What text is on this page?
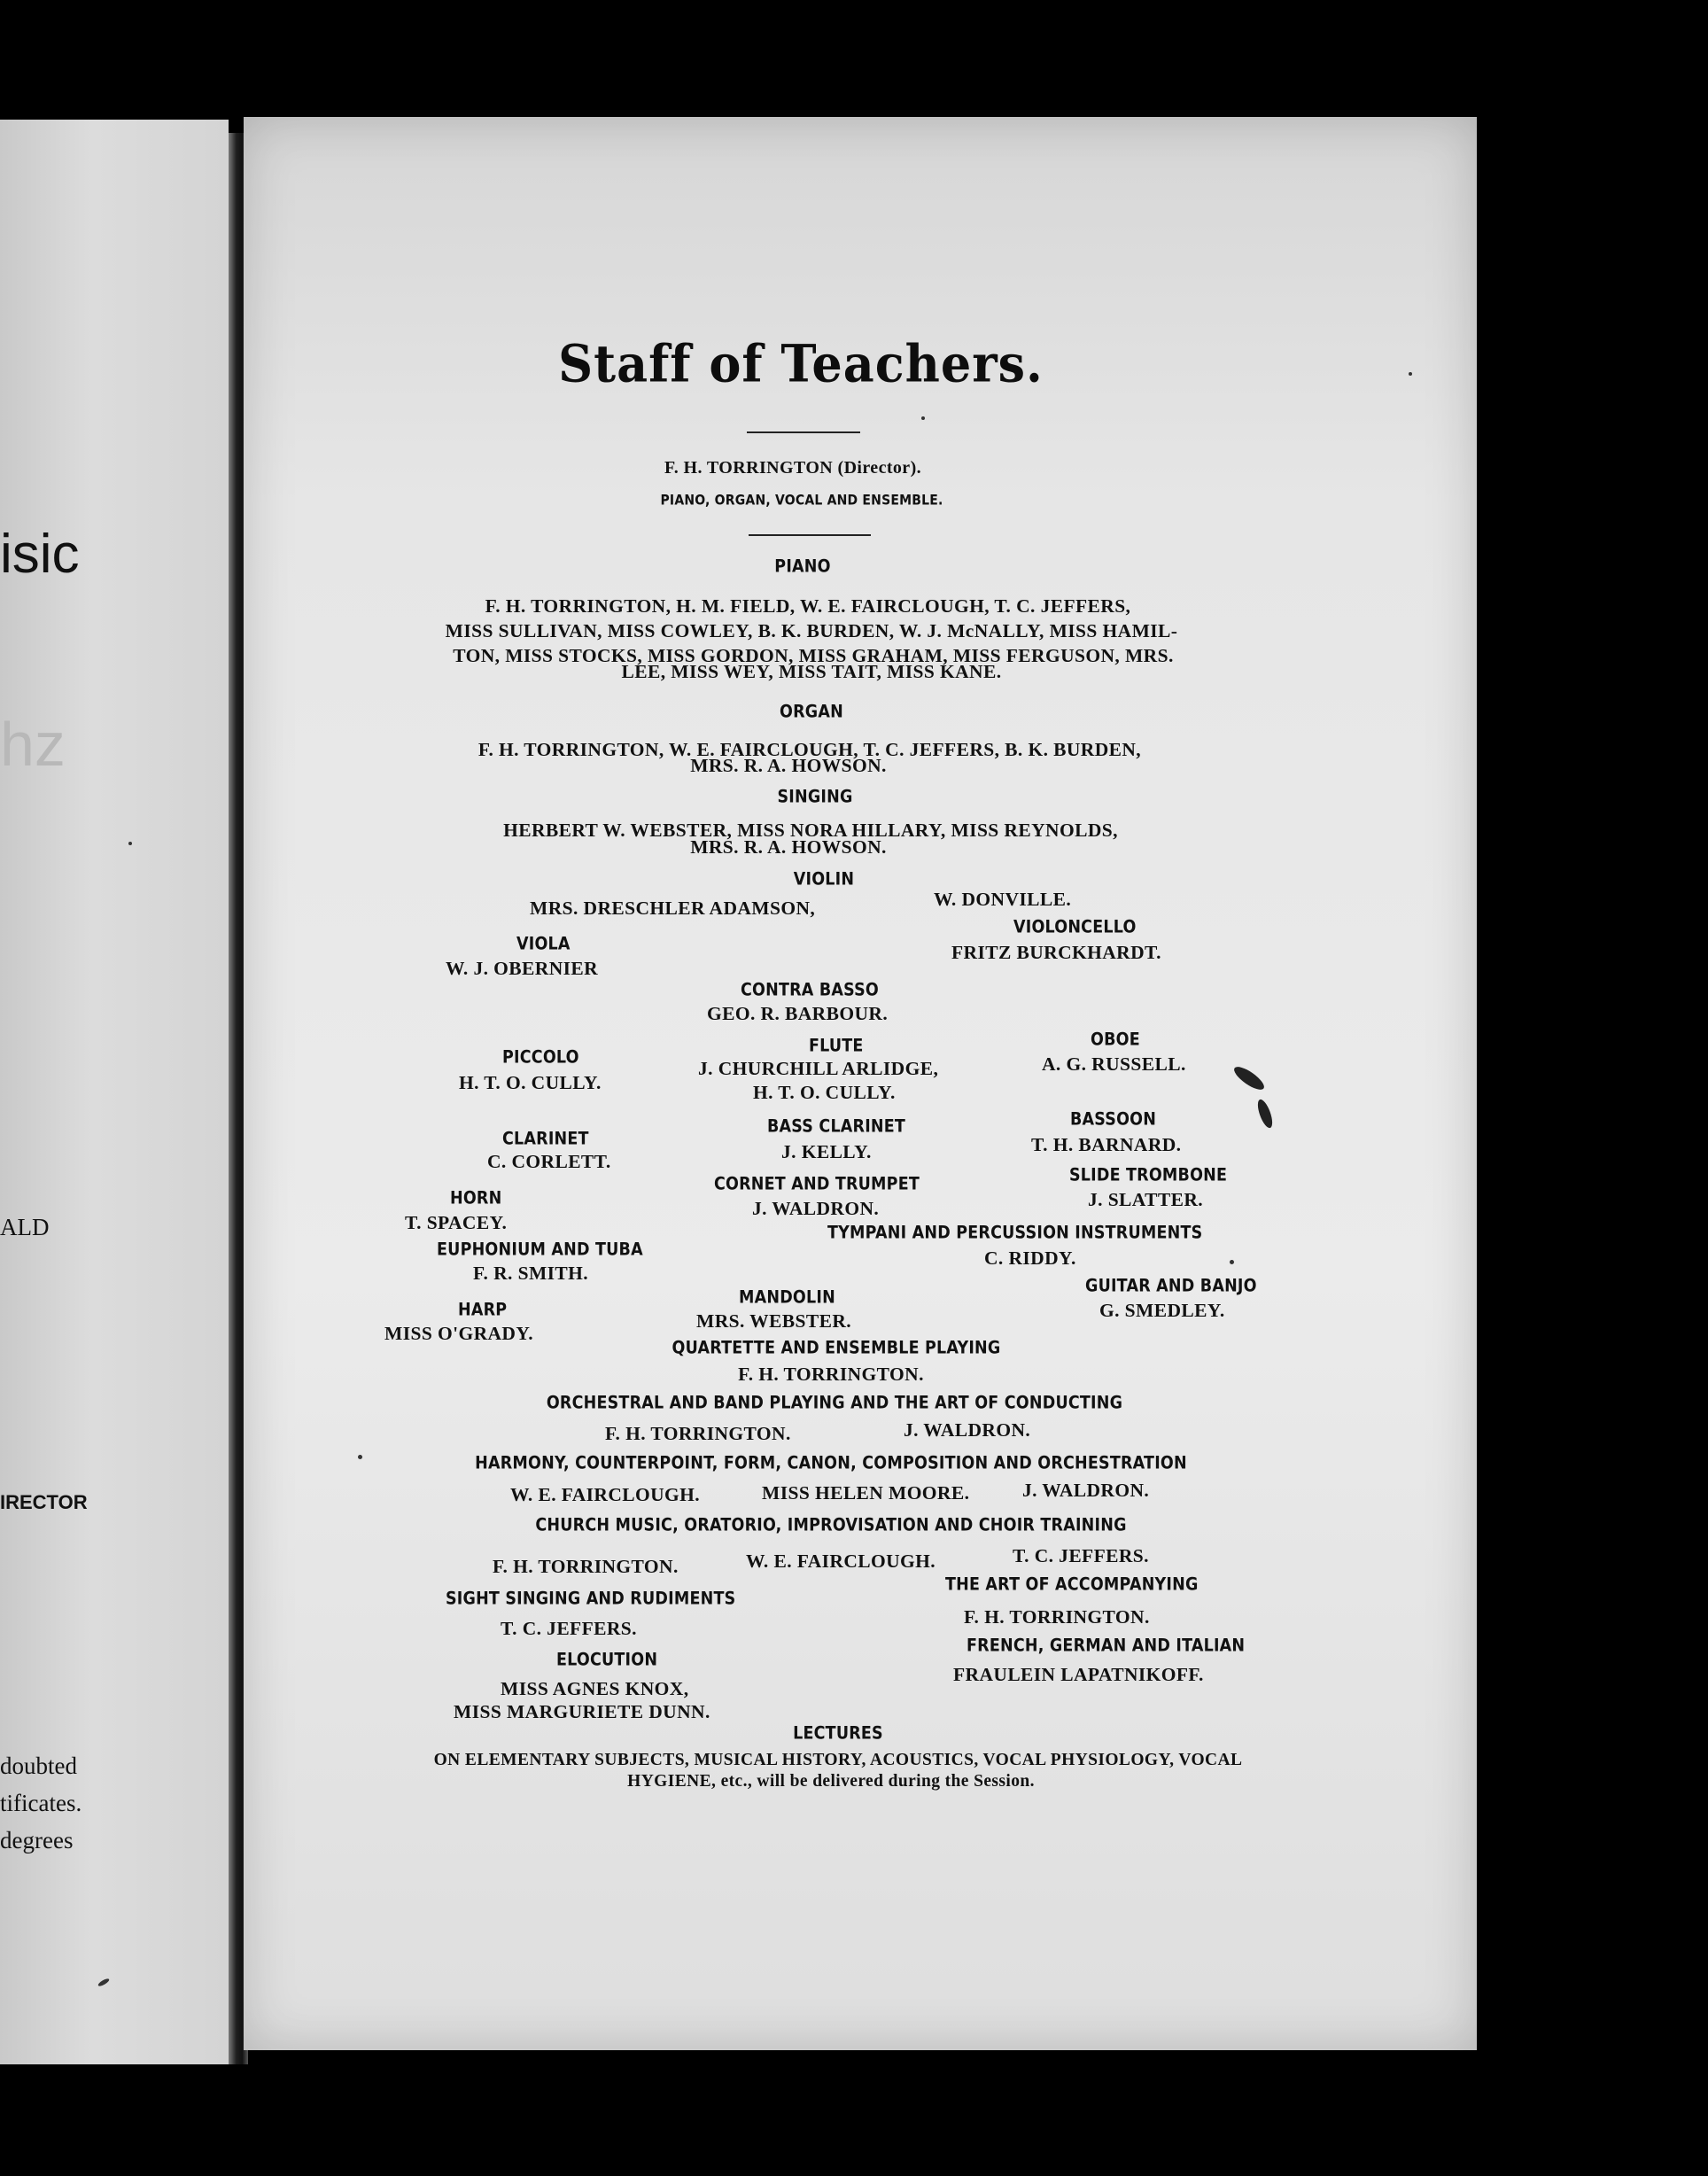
isic
hz
ALD
IRECTOR
doubted
tificates.
degrees
Staff of Teachers.
F. H. TORRINGTON (Director).
PIANO, ORGAN, VOCAL AND ENSEMBLE.
PIANO
F. H. TORRINGTON, H. M. FIELD, W. E. FAIRCLOUGH, T. C. JEFFERS,
MISS SULLIVAN, MISS COWLEY, B. K. BURDEN, W. J. McNALLY, MISS HAMIL-
TON, MISS STOCKS, MISS GORDON, MISS GRAHAM, MISS FERGUSON, MRS.
LEE, MISS WEY, MISS TAIT, MISS KANE.
ORGAN
F. H. TORRINGTON, W. E. FAIRCLOUGH, T. C. JEFFERS, B. K. BURDEN,
MRS. R. A. HOWSON.
SINGING
HERBERT W. WEBSTER, MISS NORA HILLARY, MISS REYNOLDS,
MRS. R. A. HOWSON.
VIOLIN
MRS. DRESCHLER ADAMSON,	W. DONVILLE.
VIOLONCELLO
FRITZ BURCKHARDT.
VIOLA
W. J. OBERNIER
CONTRA BASSO
GEO. R. BARBOUR.
PICCOLO
H. T. O. CULLY.
FLUTE
J. CHURCHILL ARLIDGE,
H. T. O. CULLY.
OBOE
A. G. RUSSELL.
CLARINET
C. CORLETT.
BASS CLARINET
J. KELLY.
BASSOON
T. H. BARNARD.
HORN
T. SPACEY.
CORNET AND TRUMPET
J. WALDRON.
SLIDE TROMBONE
J. SLATTER.
EUPHONIUM AND TUBA
F. R. SMITH.
TYMPANI AND PERCUSSION INSTRUMENTS
C. RIDDY.
HARP
MISS O'GRADY.
MANDOLIN
MRS. WEBSTER.
GUITAR AND BANJO
G. SMEDLEY.
QUARTETTE AND ENSEMBLE PLAYING
F. H. TORRINGTON.
ORCHESTRAL AND BAND PLAYING AND THE ART OF CONDUCTING
F. H. TORRINGTON.	J. WALDRON.
HARMONY, COUNTERPOINT, FORM, CANON, COMPOSITION AND ORCHESTRATION
W. E. FAIRCLOUGH.	MISS HELEN MOORE.	J. WALDRON.
CHURCH MUSIC, ORATORIO, IMPROVISATION AND CHOIR TRAINING
F. H. TORRINGTON.	W. E. FAIRCLOUGH.	T. C. JEFFERS.
THE ART OF ACCOMPANYING
F. H. TORRINGTON.
SIGHT SINGING AND RUDIMENTS
T. C. JEFFERS.
FRENCH, GERMAN AND ITALIAN
FRAULEIN LAPATNIKOFF.
ELOCUTION
MISS AGNES KNOX,
MISS MARGURIETE DUNN.
LECTURES
ON ELEMENTARY SUBJECTS, MUSICAL HISTORY, ACOUSTICS, VOCAL PHYSIOLOGY, VOCAL
HYGIENE, etc., will be delivered during the Session.
